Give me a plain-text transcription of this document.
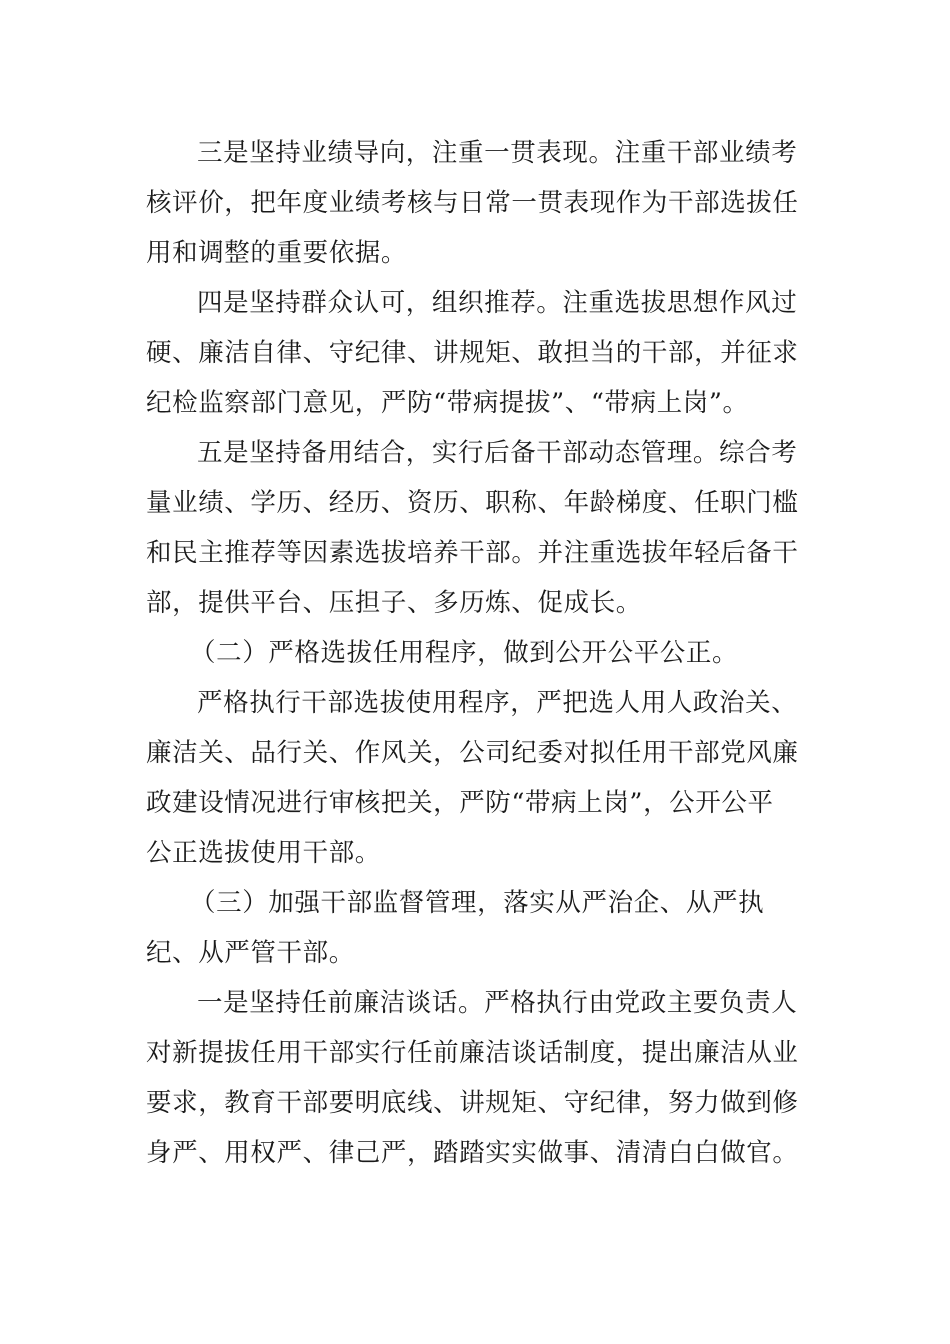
三是坚持业绩导向，注重一贯表现。注重干部业绩考
核评价，把年度业绩考核与日常一贯表现作为干部选拔任
用和调整的重要依据。
四是坚持群众认可，组织推荐。注重选拔思想作风过
硬、廉洁自律、守纪律、讲规矩、敢担当的干部，并征求
纪检监察部门意见，严防“带病提拔”、“带病上岗”。
五是坚持备用结合，实行后备干部动态管理。综合考
量业绩、学历、经历、资历、职称、年龄梯度、任职门槛
和民主推荐等因素选拔培养干部。并注重选拔年轻后备干
部，提供平台、压担子、多历炼、促成长。
（二）严格选拔任用程序，做到公开公平公正。
严格执行干部选拔使用程序，严把选人用人政治关、
廉洁关、品行关、作风关，公司纪委对拟任用干部党风廉
政建设情况进行审核把关，严防“带病上岗”，公开公平
公正选拔使用干部。
（三）加强干部监督管理，落实从严治企、从严执
纪、从严管干部。
一是坚持任前廉洁谈话。严格执行由党政主要负责人
对新提拔任用干部实行任前廉洁谈话制度，提出廉洁从业
要求，教育干部要明底线、讲规矩、守纪律，努力做到修
身严、用权严、律己严，踏踏实实做事、清清白白做官。
